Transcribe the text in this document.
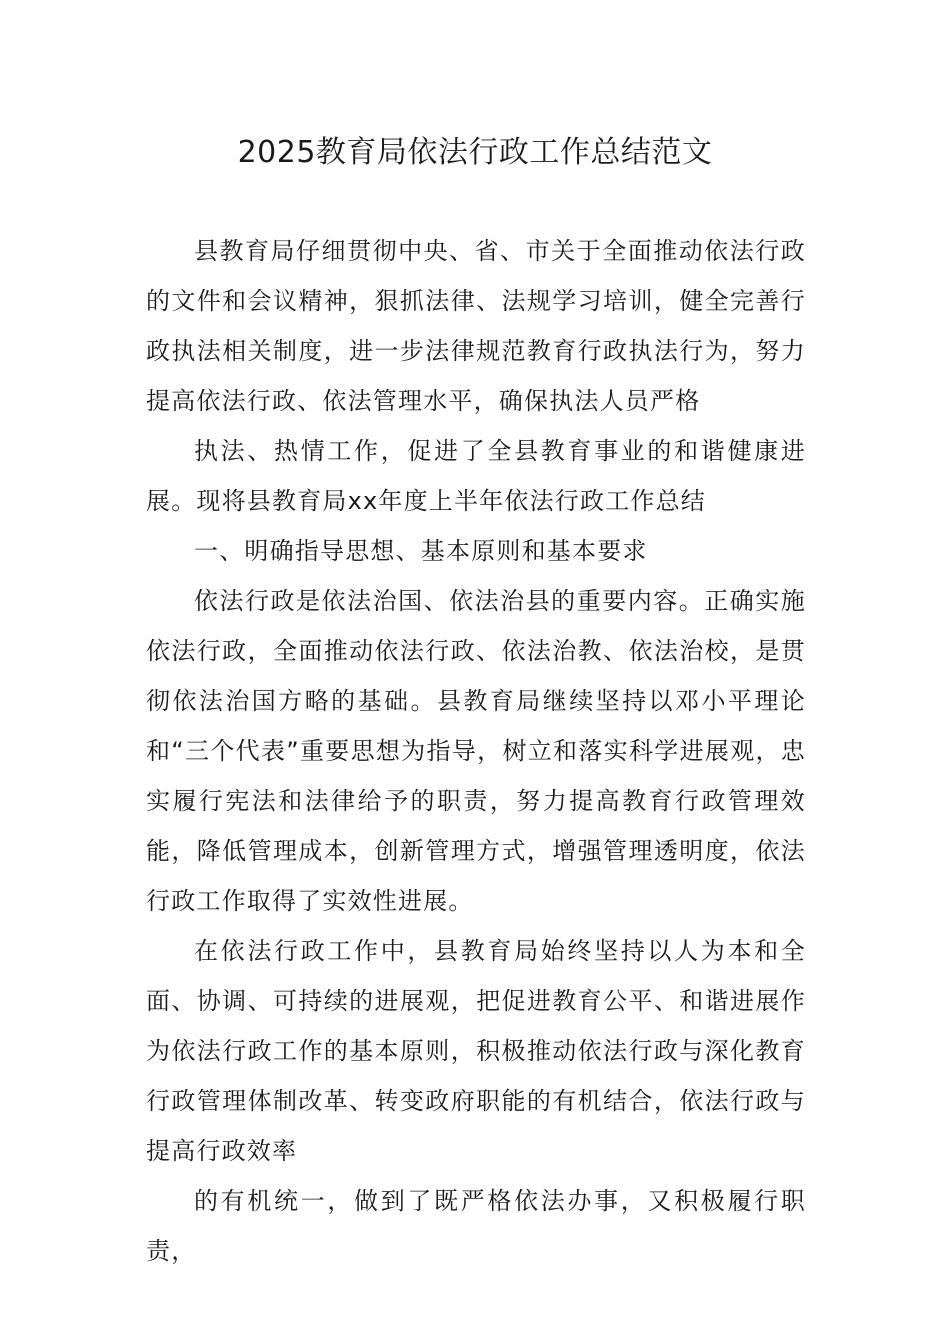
2025教育局依法行政工作总结范文

县教育局仔细贯彻中央、省、市关于全面推动依法行政的文件和会议精神，狠抓法律、法规学习培训，健全完善行政执法相关制度，进一步法律规范教育行政执法行为，努力提高依法行政、依法管理水平，确保执法人员严格

执法、热情工作，促进了全县教育事业的和谐健康进展。现将县教育局xx年度上半年依法行政工作总结

一、明确指导思想、基本原则和基本要求

依法行政是依法治国、依法治县的重要内容。正确实施依法行政，全面推动依法行政、依法治教、依法治校，是贯彻依法治国方略的基础。县教育局继续坚持以邓小平理论和“三个代表”重要思想为指导，树立和落实科学进展观，忠实履行宪法和法律给予的职责，努力提高教育行政管理效能，降低管理成本，创新管理方式，增强管理透明度，依法行政工作取得了实效性进展。

在依法行政工作中，县教育局始终坚持以人为本和全面、协调、可持续的进展观，把促进教育公平、和谐进展作为依法行政工作的基本原则，积极推动依法行政与深化教育行政管理体制改革、转变政府职能的有机结合，依法行政与提高行政效率

的有机统一，做到了既严格依法办事，又积极履行职责，
